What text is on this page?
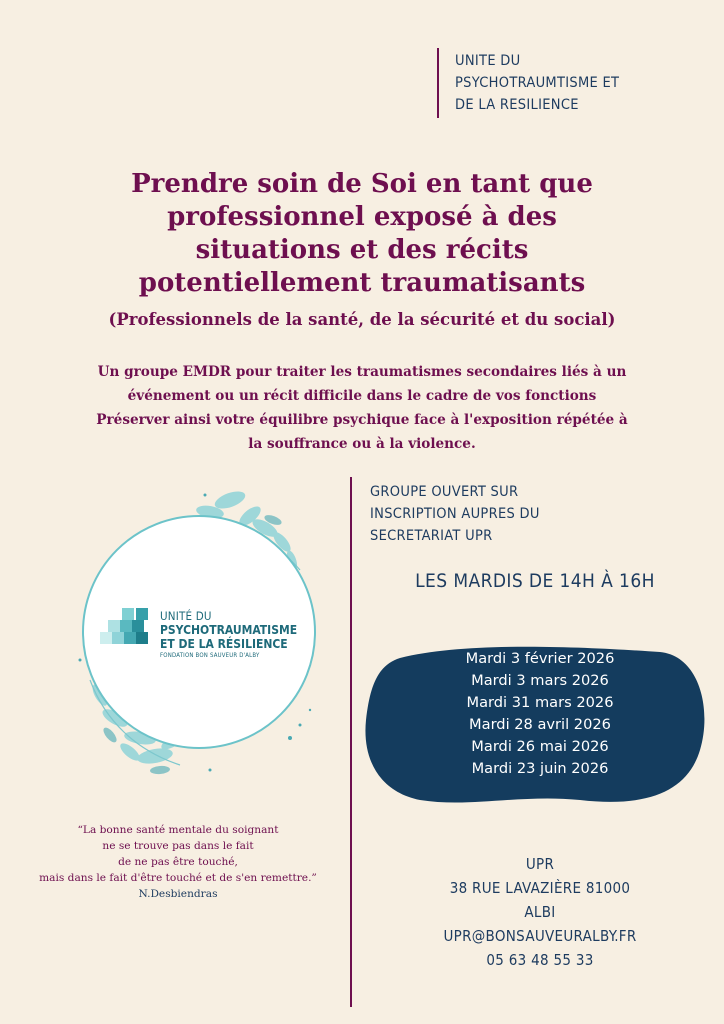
UNITE DU
PSYCHOTRAUMTISME ET
DE LA RESILIENCE
Prendre soin de Soi en tant que
professionnel exposé à des
situations et des récits
potentiellement traumatisants
(Professionnels de la santé, de la sécurité et du social)
Un groupe EMDR pour traiter les traumatismes secondaires liés à un
événement ou un récit difficile dans le cadre de vos fonctions
Préserver ainsi votre équilibre psychique face à l'exposition répétée à
la souffrance ou à la violence.
UNITÉ DU
PSYCHOTRAUMATISME
ET DE LA RÉSILIENCE
FONDATION BON SAUVEUR D'ALBY
GROUPE OUVERT SUR
INSCRIPTION AUPRES DU
SECRETARIAT UPR
LES MARDIS DE 14H À 16H
Mardi 3 février 2026
Mardi 3 mars 2026
Mardi 31 mars 2026
Mardi 28 avril 2026
Mardi 26 mai 2026
Mardi 23 juin 2026
UPR
38 RUE LAVAZIÈRE 81000
ALBI
UPR@BONSAUVEURALBY.FR
05 63 48 55 33
“La bonne santé mentale du soignant
ne se trouve pas dans le fait
de ne pas être touché,
mais dans le fait d'être touché et de s'en remettre.”
N.Desbiendras
